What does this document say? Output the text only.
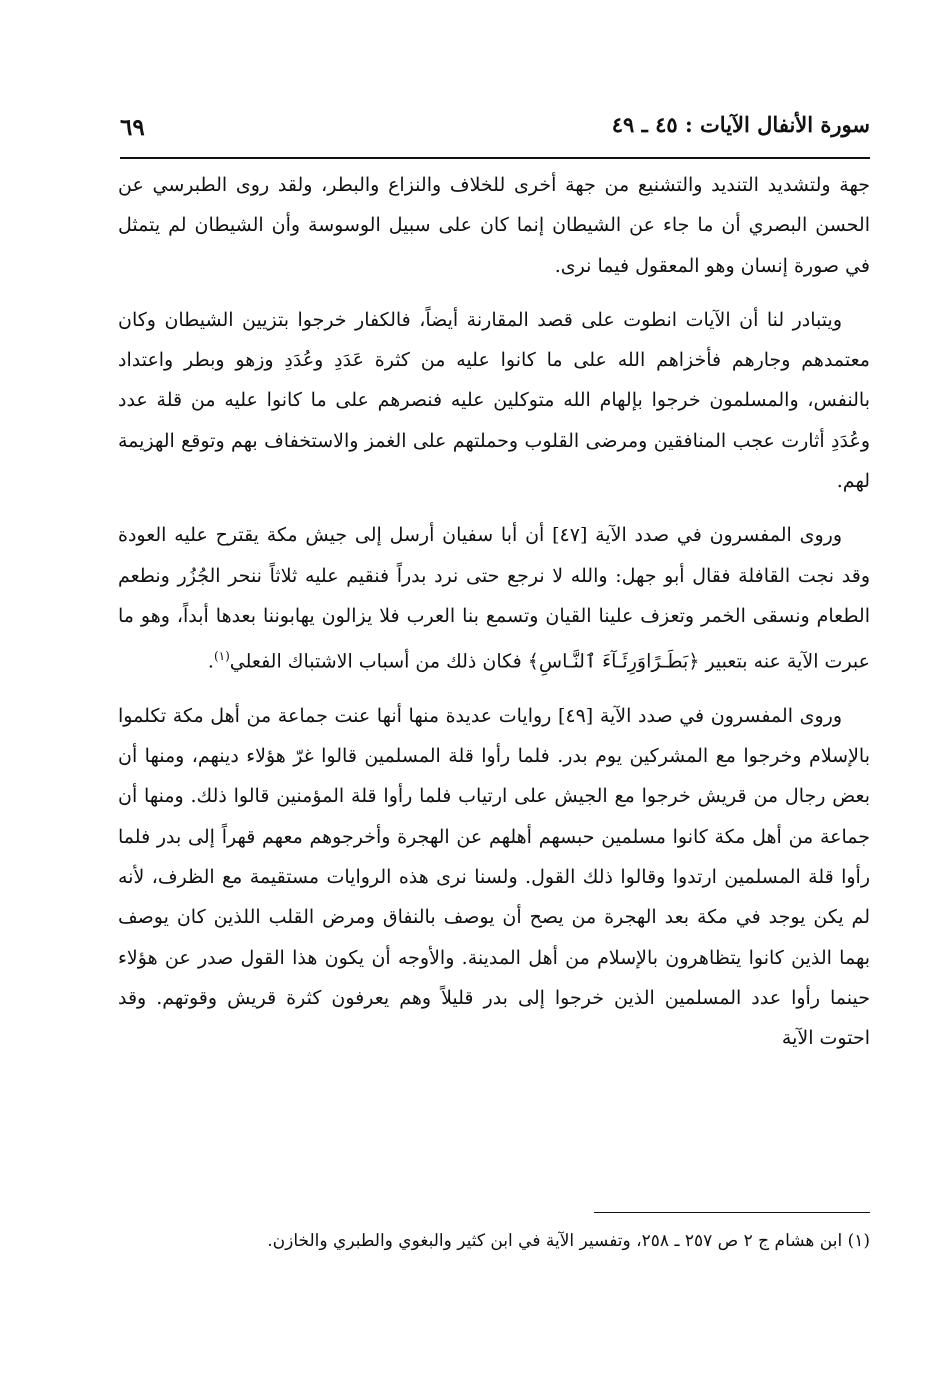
سورة الأنفال الآيات : ٤٥ ـ ٤٩
٦٩

جهة ولتشديد التنديد والتشنيع من جهة أخرى للخلاف والنزاع والبطر، ولقد روى الطبرسي عن الحسن البصري أن ما جاء عن الشيطان إنما كان على سبيل الوسوسة وأن الشيطان لم يتمثل في صورة إنسان وهو المعقول فيما نرى.

ويتبادر لنا أن الآيات انطوت على قصد المقارنة أيضاً، فالكفار خرجوا بتزيين الشيطان وكان معتمدهم وجارهم فأخزاهم الله على ما كانوا عليه من كثرة عَدَدِ وعُدَدِ وزهو وبطر واعتداد بالنفس، والمسلمون خرجوا بإلهام الله متوكلين عليه فنصرهم على ما كانوا عليه من قلة عدد وعُدَدِ أثارت عجب المنافقين ومرضى القلوب وحملتهم على الغمز والاستخفاف بهم وتوقع الهزيمة لهم.

وروى المفسرون في صدد الآية [٤٧] أن أبا سفيان أرسل إلى جيش مكة يقترح عليه العودة وقد نجت القافلة فقال أبو جهل: والله لا نرجع حتى نرد بدراً فنقيم عليه ثلاثاً ننحر الجُزُر ونطعم الطعام ونسقى الخمر وتعزف علينا القيان وتسمع بنا العرب فلا يزالون يهابوننا بعدها أبداً، وهو ما عبرت الآية عنه بتعبير ﴿بَطَـرًاوَرِئَـآءَ ٱلنَّـاسِ﴾ فكان ذلك من أسباب الاشتباك الفعلي$^{(١)}$.

وروى المفسرون في صدد الآية [٤٩] روايات عديدة منها أنها عنت جماعة من أهل مكة تكلموا بالإسلام وخرجوا مع المشركين يوم بدر. فلما رأوا قلة المسلمين قالوا غرّ هؤلاء دينهم، ومنها أن بعض رجال من قريش خرجوا مع الجيش على ارتياب فلما رأوا قلة المؤمنين قالوا ذلك. ومنها أن جماعة من أهل مكة كانوا مسلمين حبسهم أهلهم عن الهجرة وأخرجوهم معهم قهراً إلى بدر فلما رأوا قلة المسلمين ارتدوا وقالوا ذلك القول. ولسنا نرى هذه الروايات مستقيمة مع الظرف، لأنه لم يكن يوجد في مكة بعد الهجرة من يصح أن يوصف بالنفاق ومرض القلب اللذين كان يوصف بهما الذين كانوا يتظاهرون بالإسلام من أهل المدينة. والأوجه أن يكون هذا القول صدر عن هؤلاء حينما رأوا عدد المسلمين الذين خرجوا إلى بدر قليلاً وهم يعرفون كثرة قريش وقوتهم. وقد احتوت الآية

(١) ابن هشام ج ٢ ص ٢٥٧ ـ ٢٥٨، وتفسير الآية في ابن كثير والبغوي والطبري والخازن.
